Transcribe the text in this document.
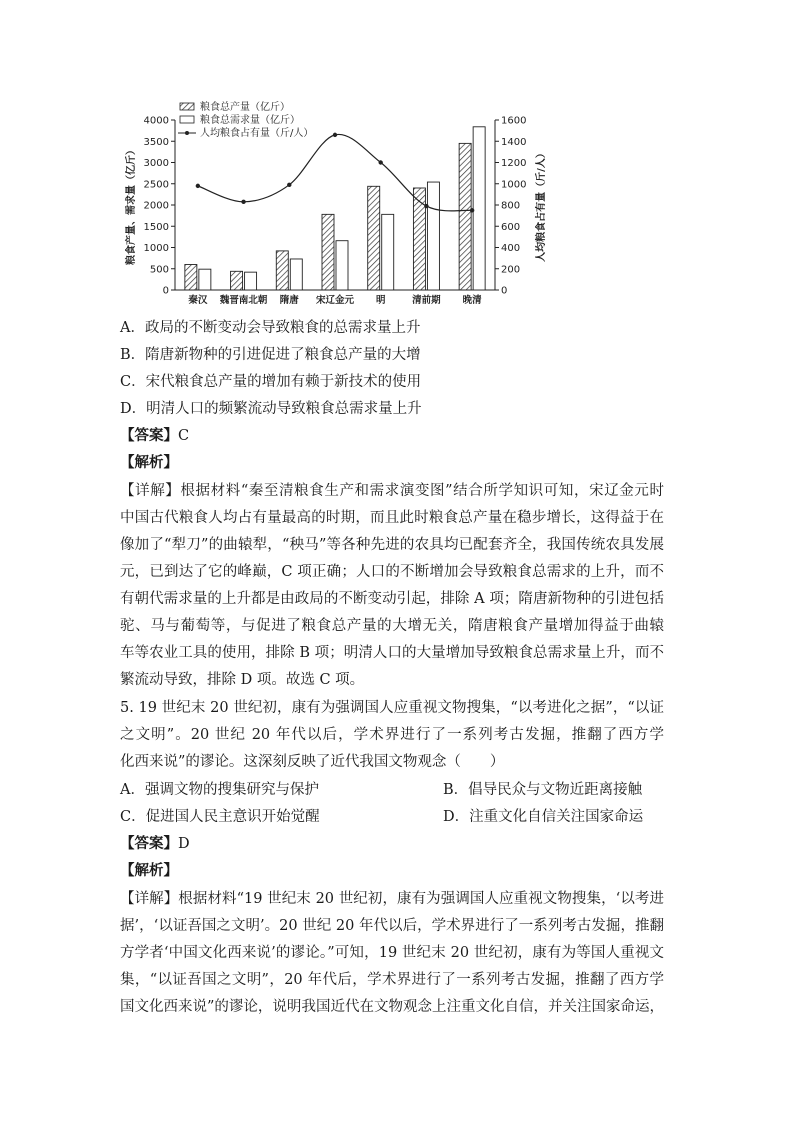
0
500
1000
1500
2000
2500
3000
3500
4000
0
200
400
600
800
1000
1200
1400
1600
秦汉 魏晋南北朝 隋唐 宋辽金元 明	清前期 晚清
粮食产量、需求量（亿斤）	人均粮食占有量（斤/人）
粮食总产量（亿斤）
粮食总需求量（亿斤）
人均粮食占有量（斤/人）
A．政局的不断变动会导致粮食的总需求量上升
B．隋唐新物种的引进促进了粮食总产量的大增
C．宋代粮食总产量的增加有赖于新技术的使用
D．明清人口的频繁流动导致粮食总需求量上升
【答案】C
【解析】
【详解】根据材料“秦至清粮食生产和需求演变图”结合所学知识可知，宋辽金元时
中国古代粮食人均占有量最高的时期，而且此时粮食总产量在稳步增长，这得益于在
像加了“犁刀”的曲辕犁，“秧马”等各种先进的农具均已配套齐全，我国传统农具发展
元，已到达了它的峰巅，C 项正确；人口的不断增加会导致粮食总需求的上升，而不
有朝代需求量的上升都是由政局的不断变动引起，排除 A 项；隋唐新物种的引进包括
驼、马与葡萄等，与促进了粮食总产量的大增无关，隋唐粮食产量增加得益于曲辕
车等农业工具的使用，排除 B 项；明清人口的大量增加导致粮食总需求量上升，而不
繁流动导致，排除 D 项。故选 C 项。
5. 19 世纪末 20 世纪初，康有为强调国人应重视文物搜集，“以考进化之据”，“以证
之文明”。20 世纪 20 年代以后，学术界进行了一系列考古发掘，推翻了西方学
化西来说”的谬论。这深刻反映了近代我国文物观念（　　）
A．强调文物的搜集研究与保护	B．倡导民众与文物近距离接触
C．促进国人民主意识开始觉醒	D．注重文化自信关注国家命运
【答案】D
【解析】
【详解】根据材料“19 世纪末 20 世纪初，康有为强调国人应重视文物搜集，‘以考进
据’，‘以证吾国之文明’。20 世纪 20 年代以后，学术界进行了一系列考古发掘，推翻
方学者‘中国文化西来说’的谬论。”可知，19 世纪末 20 世纪初，康有为等国人重视文
集，“以证吾国之文明”，20 年代后，学术界进行了一系列考古发掘，推翻了西方学
国文化西来说”的谬论，说明我国近代在文物观念上注重文化自信，并关注国家命运，
